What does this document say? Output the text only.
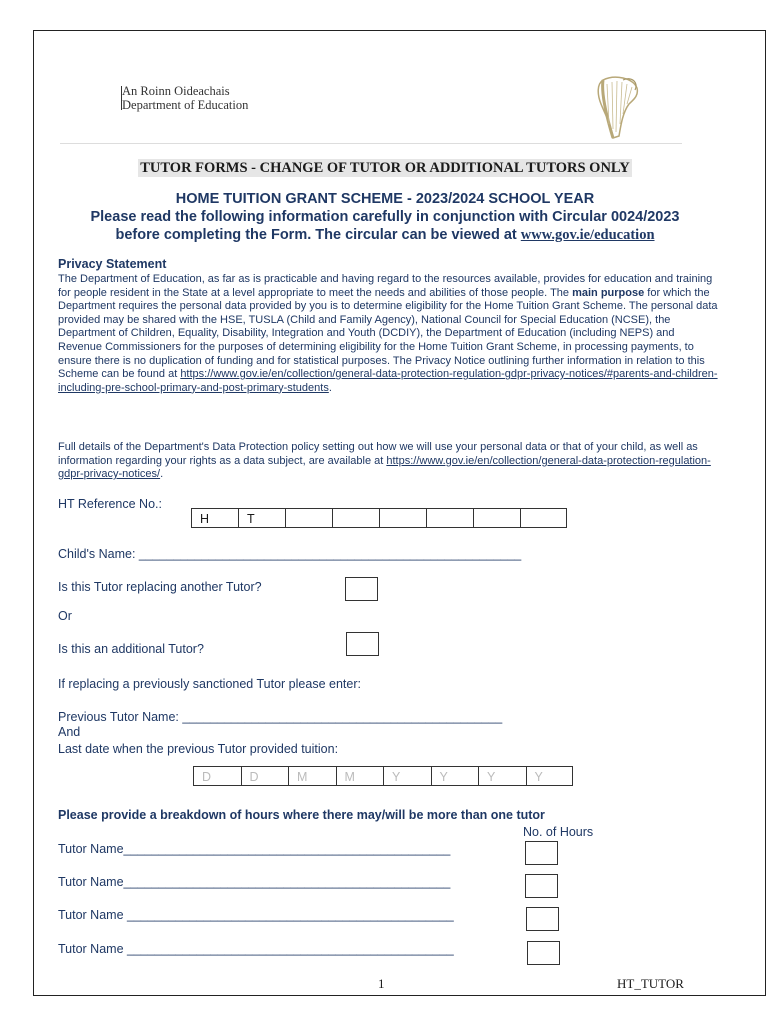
An Roinn Oideachais
Department of Education
TUTOR FORMS - CHANGE OF TUTOR OR ADDITIONAL TUTORS ONLY
HOME TUITION GRANT SCHEME - 2023/2024 SCHOOL YEAR
Please read the following information carefully in conjunction with Circular 0024/2023
before completing the Form. The circular can be viewed at www.gov.ie/education
Privacy Statement
The Department of Education, as far as is practicable and having regard to the resources available, provides for education and training for people resident in the State at a level appropriate to meet the needs and abilities of those people. The main purpose for which the Department requires the personal data provided by you is to determine eligibility for the Home Tuition Grant Scheme. The personal data provided may be shared with the HSE, TUSLA (Child and Family Agency), National Council for Special Education (NCSE), the Department of Children, Equality, Disability, Integration and Youth (DCDIY), the Department of Education (including NEPS) and Revenue Commissioners for the purposes of determining eligibility for the Home Tuition Grant Scheme, in processing payments, to ensure there is no duplication of funding and for statistical purposes. The Privacy Notice outlining further information in relation to this Scheme can be found at https://www.gov.ie/en/collection/general-data-protection-regulation-gdpr-privacy-notices/#parents-and-children-including-pre-school-primary-and-post-primary-students.
Full details of the Department's Data Protection policy setting out how we will use your personal data or that of your child, as well as information regarding your rights as a data subject, are available at https://www.gov.ie/en/collection/general-data-protection-regulation-gdpr-privacy-notices/.
HT Reference No.:
H	T
Child's Name: _______________________________________________________
Is this Tutor replacing another Tutor?
Or
Is this an additional Tutor?
If replacing a previously sanctioned Tutor please enter:
Previous Tutor Name: ______________________________________________
And
Last date when the previous Tutor provided tuition:
D	D	M	M	Y	Y	Y	Y
Please provide a breakdown of hours where there may/will be more than one tutor
No. of Hours
Tutor Name_______________________________________________
Tutor Name_______________________________________________
Tutor Name _______________________________________________
Tutor Name _______________________________________________
1	HT_TUTOR
